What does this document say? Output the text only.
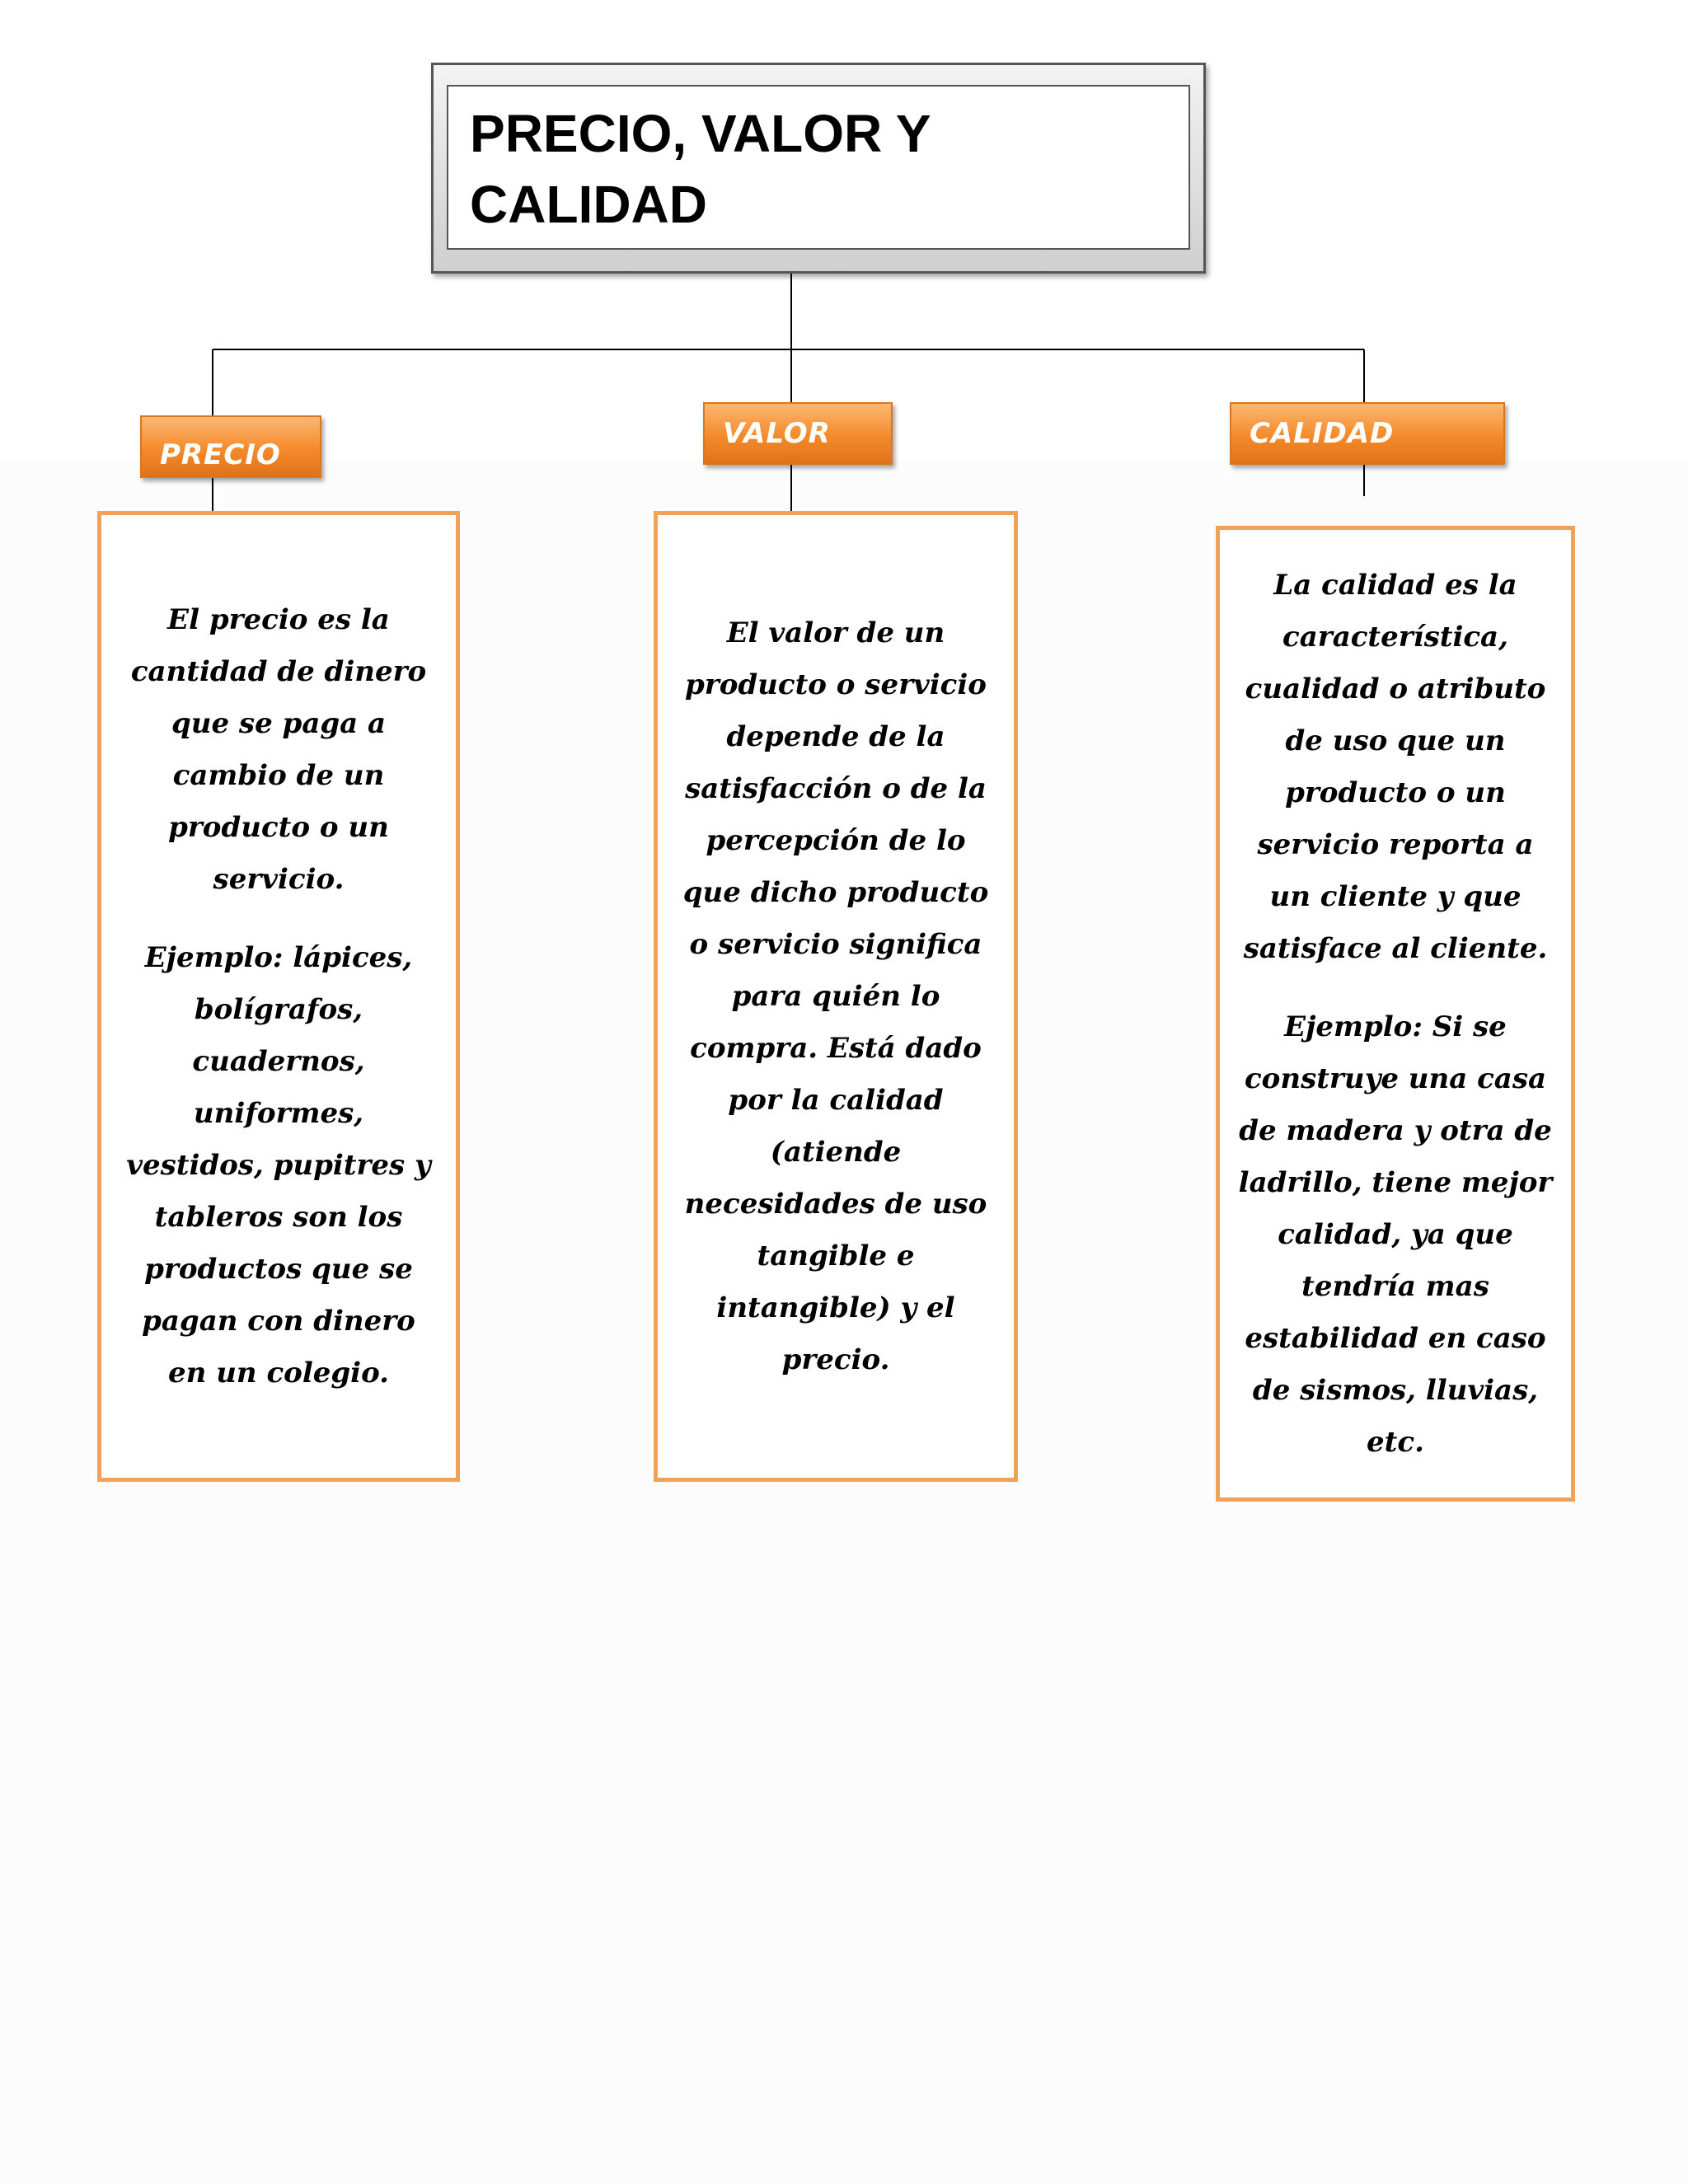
PRECIO, VALOR Y CALIDAD

PRECIO
VALOR	CALIDAD

El precio es la cantidad de dinero que se paga a cambio de un producto o un servicio.

Ejemplo: lápices, bolígrafos, cuadernos, uniformes, vestidos, pupitres y tableros son los productos que se pagan con dinero en un colegio.

El valor de un producto o servicio depende de la satisfacción o de la percepción de lo que dicho producto o servicio significa para quién lo compra. Está dado por la calidad (atiende necesidades de uso tangible e intangible) y el precio.

La calidad es la característica, cualidad o atributo de uso que un producto o un servicio reporta a un cliente y que satisface al cliente.

Ejemplo: Si se construye una casa de madera y otra de ladrillo, tiene mejor calidad, ya que tendría mas estabilidad en caso de sismos, lluvias, etc.
